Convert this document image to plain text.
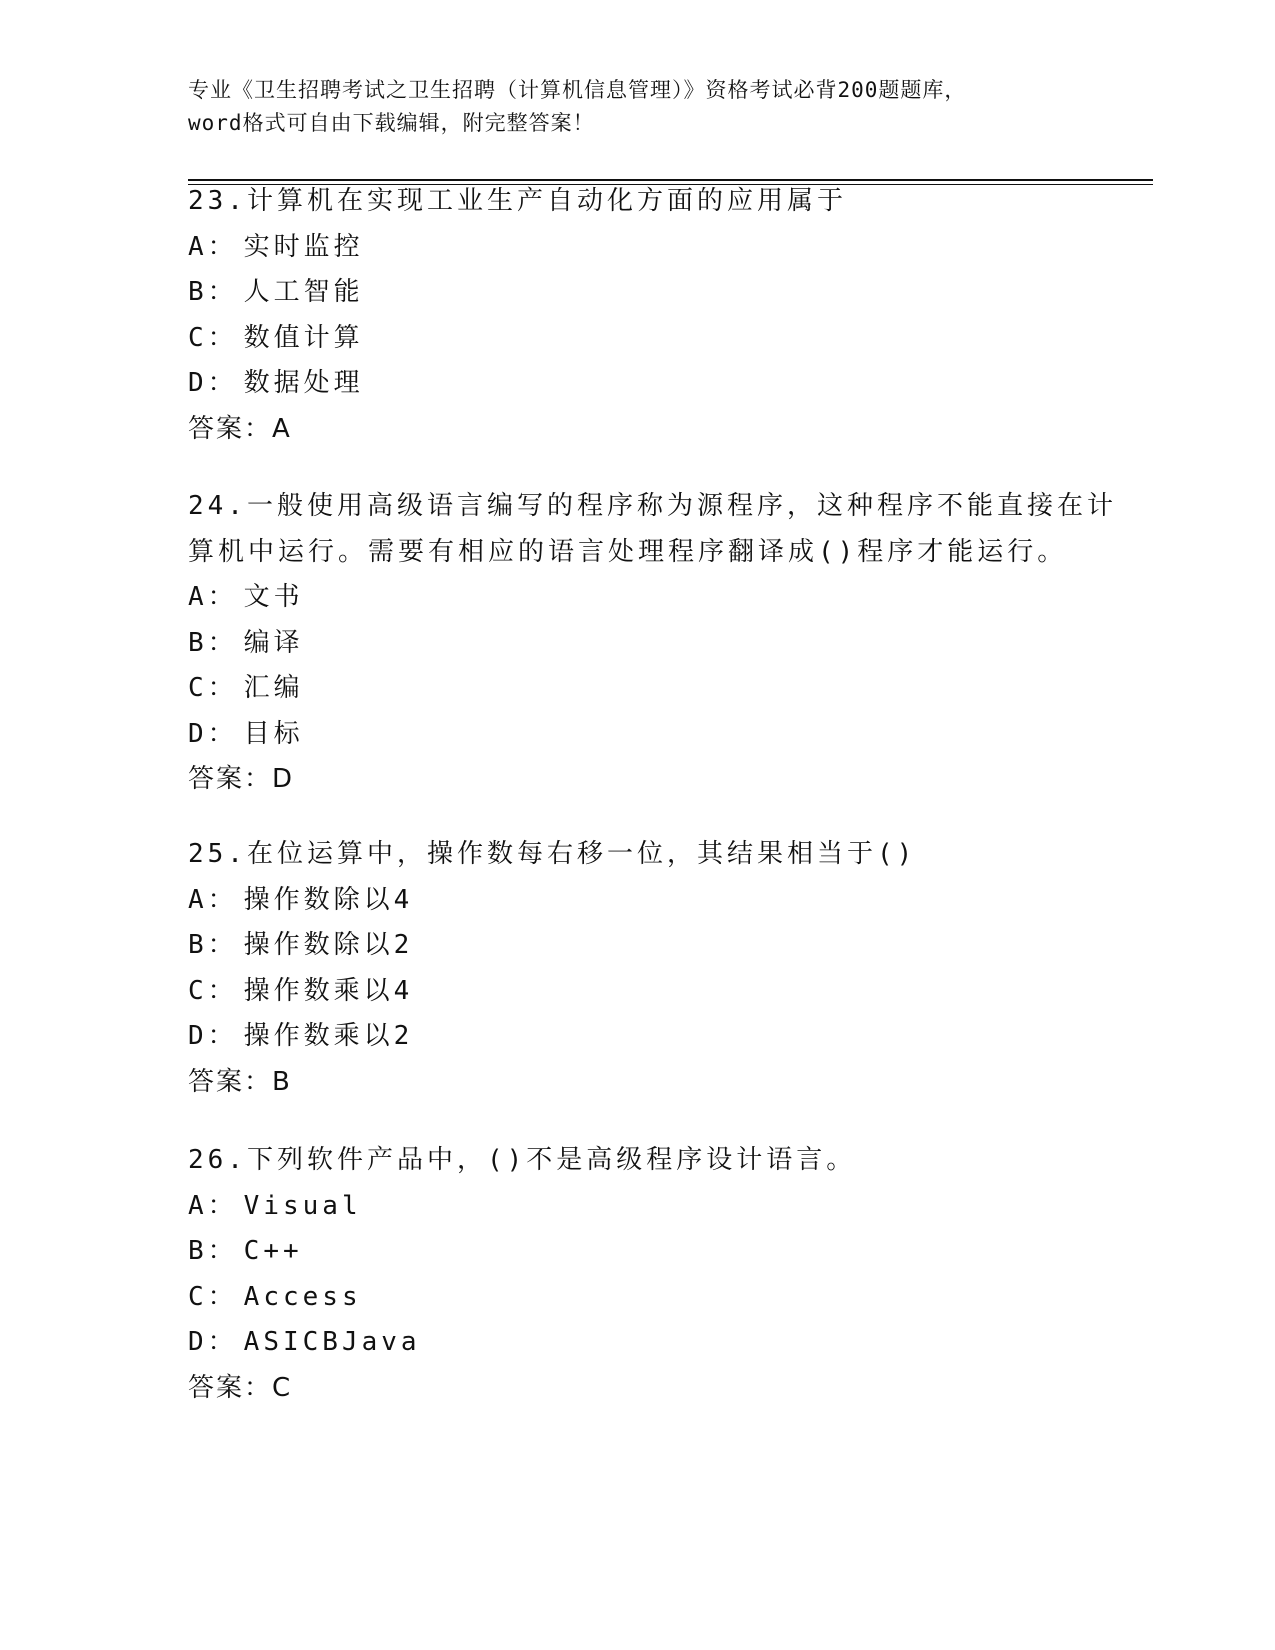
专业《卫生招聘考试之卫生招聘（计算机信息管理）》资格考试必背200题题库，
word格式可自由下载编辑，附完整答案！

23.计算机在实现工业生产自动化方面的应用属于

A： 实时监控

B： 人工智能

C： 数值计算

D： 数据处理

答案：A

24.一般使用高级语言编写的程序称为源程序，这种程序不能直接在计

算机中运行。需要有相应的语言处理程序翻译成()程序才能运行。

A： 文书

B： 编译

C： 汇编

D： 目标

答案：D

25.在位运算中，操作数每右移一位，其结果相当于()

A： 操作数除以4

B： 操作数除以2

C： 操作数乘以4

D： 操作数乘以2

答案：B

26.下列软件产品中，()不是高级程序设计语言。

A： Visual

B： C++

C： Access

D： ASICBJava

答案：C
